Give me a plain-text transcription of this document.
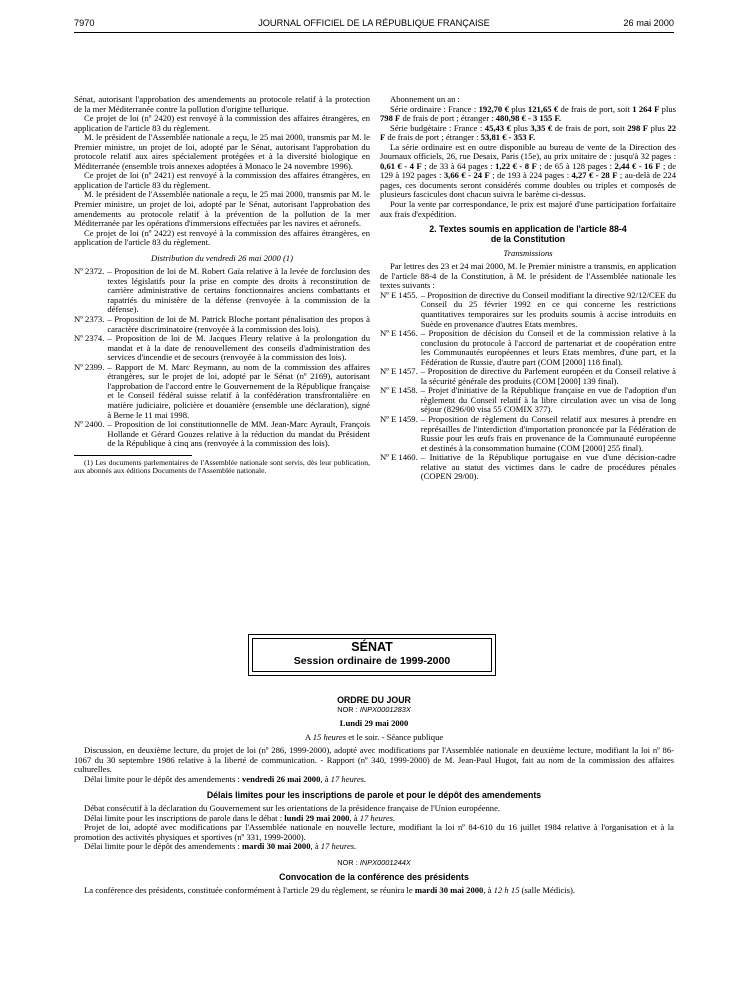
7970	JOURNAL OFFICIEL DE LA RÉPUBLIQUE FRANÇAISE	26 mai 2000

Sénat, autorisant l'approbation des amendements au protocole relatif à la protection de la mer Méditerranée contre la pollution d'origine tellurique.

Ce projet de loi (nº 2420) est renvoyé à la commission des affaires étrangères, en application de l'article 83 du règlement.

M. le président de l'Assemblée nationale a reçu, le 25 mai 2000, transmis par M. le Premier ministre, un projet de loi, adopté par le Sénat, autorisant l'approbation du protocole relatif aux aires spécialement protégées et à la diversité biologique en Méditerranée (ensemble trois annexes adoptées à Monaco le 24 novembre 1996).

Ce projet de loi (nº 2421) est renvoyé à la commission des affaires étrangères, en application de l'article 83 du règlement.

M. le président de l'Assemblée nationale a reçu, le 25 mai 2000, transmis par M. le Premier ministre, un projet de loi, adopté par le Sénat, autorisant l'approbation des amendements au protocole relatif à la prévention de la pollution de la mer Méditerranée par les opérations d'immersions effectuées par les navires et aéronefs.

Ce projet de loi (nº 2422) est renvoyé à la commission des affaires étrangères, en application de l'article 83 du règlement.

Distribution du vendredi 26 mai 2000 (1)

Nº 2372. – Proposition de loi de M. Robert Gaïa relative à la levée de forclusion des textes législatifs pour la prise en compte des droits à reconstitution de carrière administrative de certains fonctionnaires anciens combattants et rapatriés du ministère de la défense (renvoyée à la commission de la défense).
Nº 2373. – Proposition de loi de M. Patrick Bloche portant pénalisation des propos à caractère discriminatoire (renvoyée à la commission des lois).
Nº 2374. – Proposition de loi de M. Jacques Fleury relative à la prolongation du mandat et à la date de renouvellement des conseils d'administration des services d'incendie et de secours (renvoyée à la commission des lois).
Nº 2399. – Rapport de M. Marc Reymann, au nom de la commission des affaires étrangères, sur le projet de loi, adopté par le Sénat (nº 2169), autorisant l'approbation de l'accord entre le Gouvernement de la République française et le Conseil fédéral suisse relatif à la confédération transfrontalière en matière judiciaire, policière et douanière (ensemble une déclaration), signé à Berne le 11 mai 1998.
Nº 2400. – Proposition de loi constitutionnelle de MM. Jean-Marc Ayrault, François Hollande et Gérard Gouzes relative à la réduction du mandat du Président de la République à cinq ans (renvoyée à la commission des lois).

(1) Les documents parlementaires de l'Assemblée nationale sont servis, dès leur publication, aux abonnés aux éditions Documents de l'Assemblée nationale.

Abonnement un an :

Série ordinaire : France : 192,70 € plus 121,65 € de frais de port, soit 1 264 F plus 798 F de frais de port ; étranger : 480,98 € - 3 155 F.

Série budgétaire : France : 45,43 € plus 3,35 € de frais de port, soit 298 F plus 22 F de frais de port ; étranger : 53,81 € - 353 F.

La série ordinaire est en outre disponible au bureau de vente de la Direction des Journaux officiels, 26, rue Desaix, Paris (15e), au prix unitaire de : jusqu'à 32 pages : 0,61 € - 4 F ; de 33 à 64 pages : 1,22 € - 8 F ; de 65 à 128 pages : 2,44 € - 16 F ; de 129 à 192 pages : 3,66 € - 24 F ; de 193 à 224 pages : 4,27 € - 28 F ; au-delà de 224 pages, ces documents seront considérés comme doubles ou triples et composés de plusieurs fascicules dont chacun suivra le barème ci-dessus.

Pour la vente par correspondance, le prix est majoré d'une participation forfaitaire aux frais d'expédition.

2. Textes soumis en application de l'article 88-4

de la Constitution

Transmissions

Par lettres des 23 et 24 mai 2000, M. le Premier ministre a transmis, en application de l'article 88-4 de la Constitution, à M. le président de l'Assemblée nationale les textes suivants :

Nº E 1455. – Proposition de directive du Conseil modifiant la directive 92/12/CEE du Conseil du 25 février 1992 en ce qui concerne les restrictions quantitatives temporaires sur les produits soumis à accise introduits en Suède en provenance d'autres Etats membres.
Nº E 1456. – Proposition de décision du Conseil et de la commission relative à la conclusion du protocole à l'accord de partenariat et de coopération entre les Communautés européennes et leurs Etats membres, d'une part, et la Fédération de Russie, d'autre part (COM [2000] 118 final).
Nº E 1457. – Proposition de directive du Parlement européen et du Conseil relative à la sécurité générale des produits (COM [2000] 139 final).
Nº E 1458. – Projet d'initiative de la République française en vue de l'adoption d'un règlement du Conseil relatif à la libre circulation avec un visa de long séjour (8296/00 visa 55 COMIX 377).
Nº E 1459. – Proposition de règlement du Conseil relatif aux mesures à prendre en représailles de l'interdiction d'importation prononcée par la Fédération de Russie pour les œufs frais en provenance de la Communauté européenne et destinés à la consommation humaine (COM [2000] 255 final).
Nº E 1460. – Initiative de la République portugaise en vue d'une décision-cadre relative au statut des victimes dans le cadre de procédures pénales (COPEN 29/00).
SÉNAT
Session ordinaire de 1999-2000

ORDRE DU JOUR

NOR : INPX0001283X

Lundi 29 mai 2000

A 15 heures et le soir. - Séance publique

Discussion, en deuxième lecture, du projet de loi (nº 286, 1999-2000), adopté avec modifications par l'Assemblée nationale en deuxième lecture, modifiant la loi nº 86-1067 du 30 septembre 1986 relative à la liberté de communication. - Rapport (nº 340, 1999-2000) de M. Jean-Paul Hugot, fait au nom de la commission des affaires culturelles.

Délai limite pour le dépôt des amendements : vendredi 26 mai 2000, à 17 heures.

Délais limites pour les inscriptions de parole et pour le dépôt des amendements

Débat consécutif à la déclaration du Gouvernement sur les orientations de la présidence française de l'Union européenne.

Délai limite pour les inscriptions de parole dans le débat : lundi 29 mai 2000, à 17 heures.

Projet de loi, adopté avec modifications par l'Assemblée nationale en nouvelle lecture, modifiant la loi nº 84-610 du 16 juillet 1984 relative à l'organisation et à la promotion des activités physiques et sportives (nº 331, 1999-2000).

Délai limite pour le dépôt des amendements : mardi 30 mai 2000, à 17 heures.

NOR : INPX0001244X

Convocation de la conférence des présidents

La conférence des présidents, constituée conformément à l'article 29 du règlement, se réunira le mardi 30 mai 2000, à 12 h 15 (salle Médicis).
